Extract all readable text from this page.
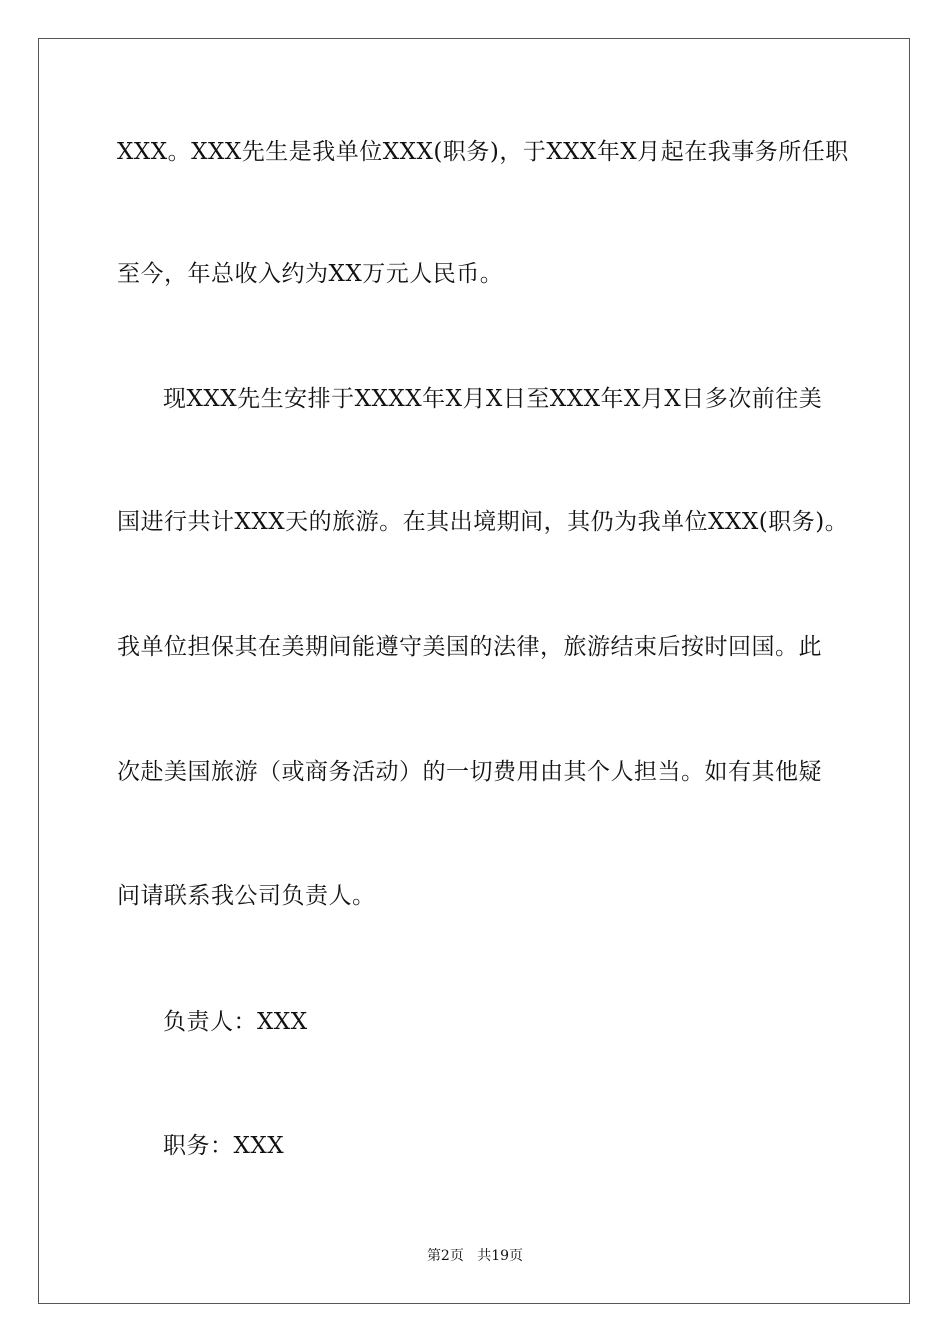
XXX。XXX先生是我单位XXX(职务)，于XXX年X月起在我事务所任职
至今，年总收入约为XX万元人民币。
现XXX先生安排于XXXX年X月X日至XXX年X月X日多次前往美
国进行共计XXX天的旅游。在其出境期间，其仍为我单位XXX(职务)。
我单位担保其在美期间能遵守美国的法律，旅游结束后按时回国。此
次赴美国旅游（或商务活动）的一切费用由其个人担当。如有其他疑
问请联系我公司负责人。
负责人：XXX
职务：XXX
第2页 共19页
